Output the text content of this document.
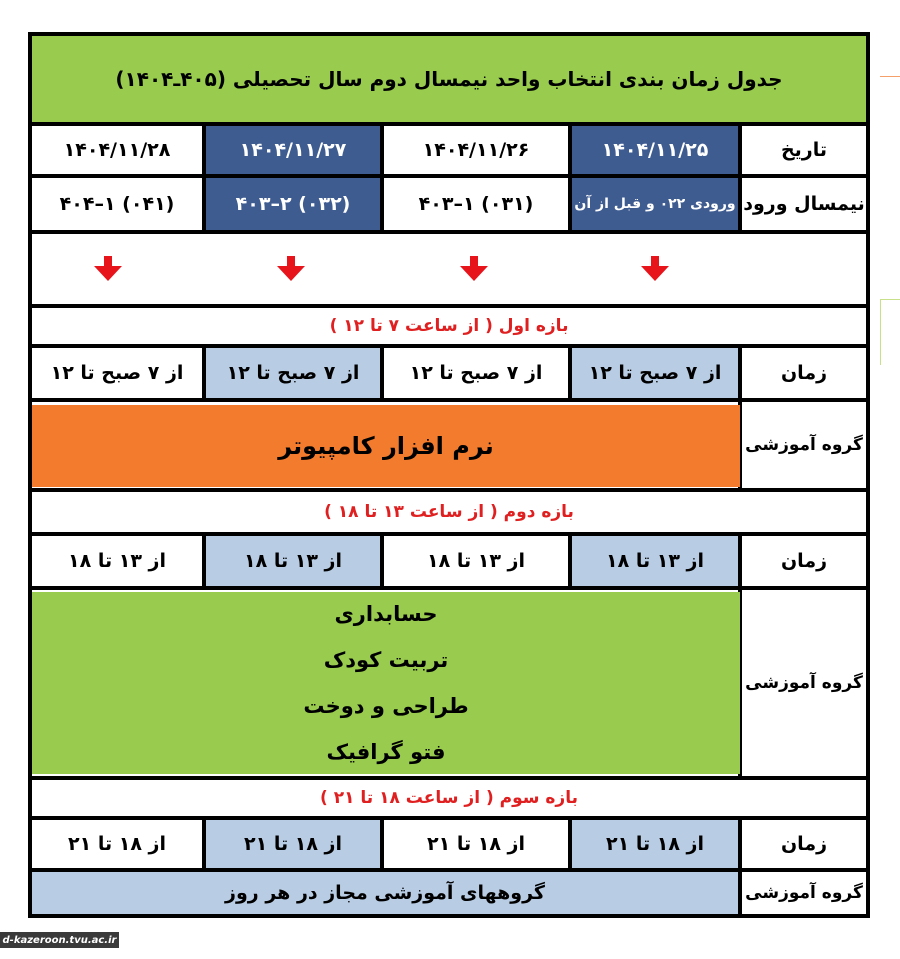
جدول زمان بندی انتخاب واحد نیمسال دوم سال تحصیلی (۴۰۵ـ۱۴۰۴)
تاریخ
۱۴۰۴/۱۱/۲۵
۱۴۰۴/۱۱/۲۶
۱۴۰۴/۱۱/۲۷
۱۴۰۴/۱۱/۲۸
نیمسال ورود
ورودی ۰۲۲ و قبل از آن
(۰۳۱) ۱–۴۰۳
(۰۳۲) ۲–۴۰۳
(۰۴۱) ۱–۴۰۴
بازه اول ( از ساعت ۷ تا ۱۲ )
زمان
از ۷ صبح تا ۱۲
از ۷ صبح تا ۱۲
از ۷ صبح تا ۱۲
از ۷ صبح تا ۱۲
گروه آموزشی
نرم افزار کامپیوتر
بازه دوم ( از ساعت ۱۳ تا ۱۸ )
زمان
از ۱۳ تا ۱۸
از ۱۳ تا ۱۸
از ۱۳ تا ۱۸
از ۱۳ تا ۱۸
گروه آموزشی
حسابداری
تربیت کودک
طراحی و دوخت
فتو گرافیک
بازه سوم ( از ساعت ۱۸ تا ۲۱ )
زمان
از ۱۸ تا ۲۱
از ۱۸ تا ۲۱
از ۱۸ تا ۲۱
از ۱۸ تا ۲۱
گروه آموزشی
گروههای آموزشی مجاز در هر روز
d-kazeroon.tvu.ac.ir
